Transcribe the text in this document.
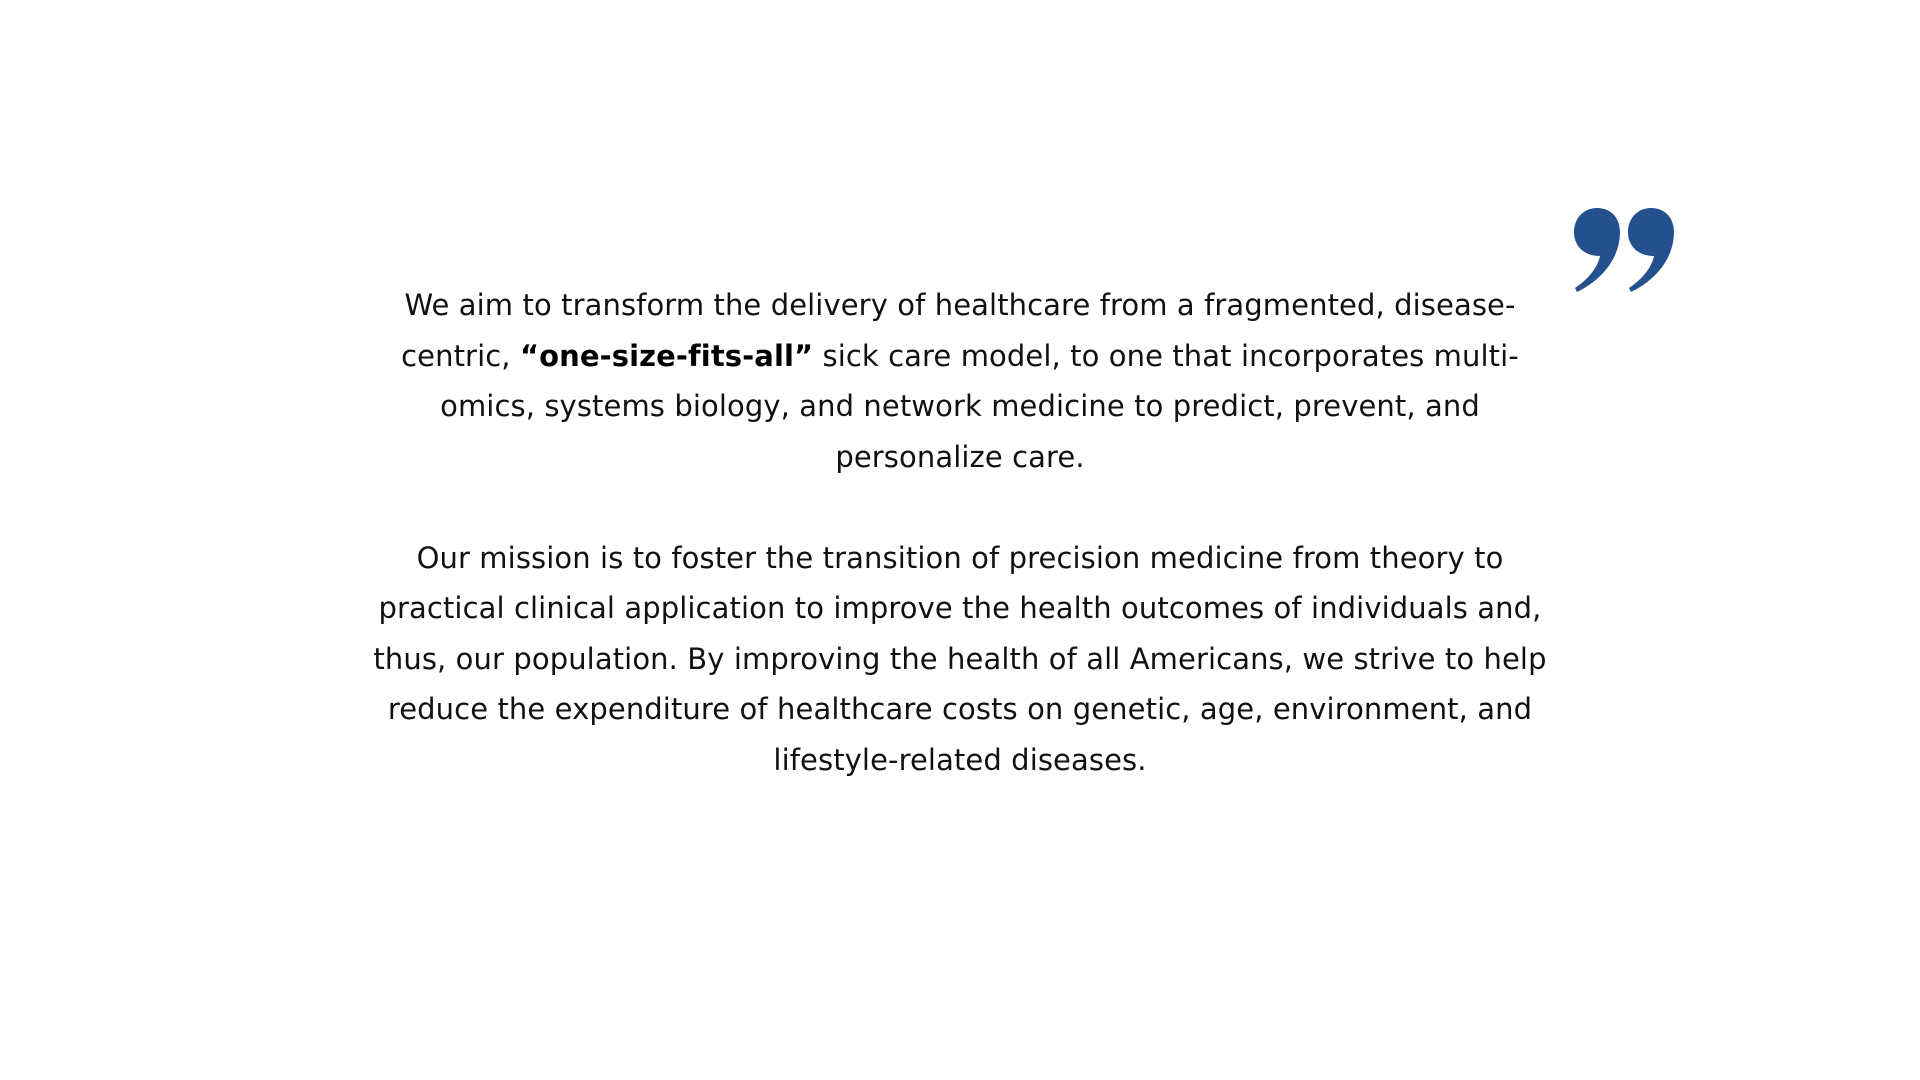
We aim to transform the delivery of healthcare from a fragmented, disease-centric, “one-size-fits-all” sick care model, to one that incorporates multi-omics, systems biology, and network medicine to predict, prevent, and personalize care.

Our mission is to foster the transition of precision medicine from theory to practical clinical application to improve the health outcomes of individuals and, thus, our population. By improving the health of all Americans, we strive to help reduce the expenditure of healthcare costs on genetic, age, environment, and lifestyle-related diseases.
